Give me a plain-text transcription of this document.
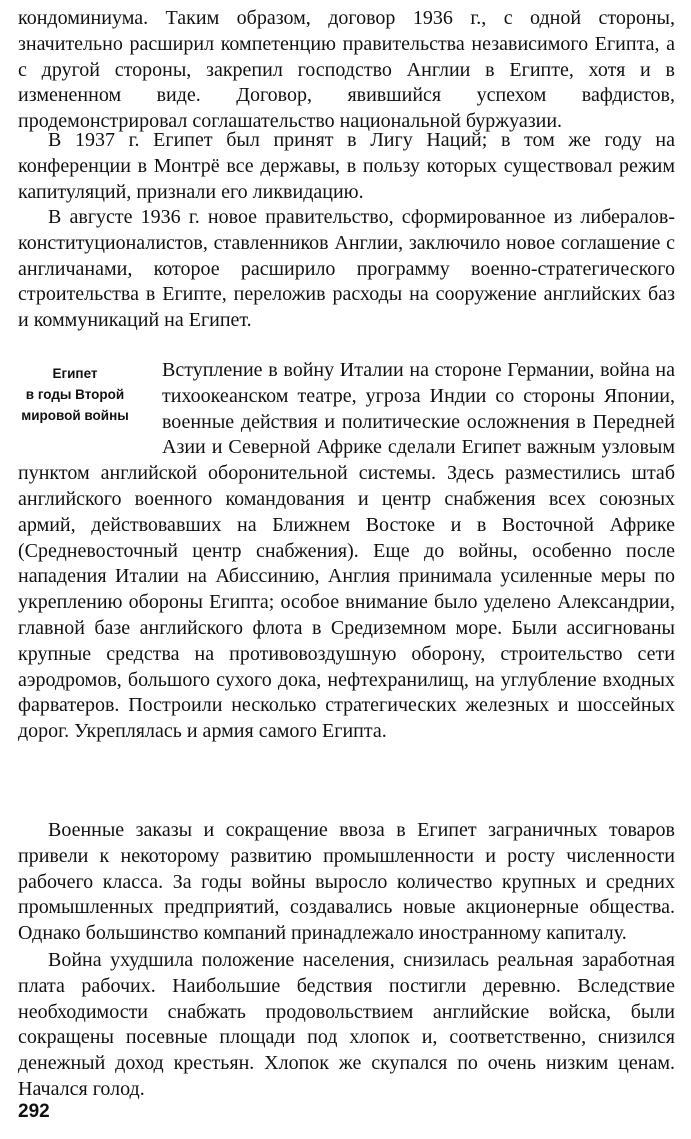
кондоминиума. Таким образом, договор 1936 г., с одной стороны, значительно расширил компетенцию правительства независимого Египта, а с другой стороны, закрепил господство Англии в Египте, хотя и в измененном виде. Договор, явившийся успехом вафдистов, продемонстрировал соглашательство национальной буржуазии.
В 1937 г. Египет был принят в Лигу Наций; в том же году на конференции в Монтрё все державы, в пользу которых существовал режим капитуляций, признали его ликвидацию.
В августе 1936 г. новое правительство, сформированное из либералов-конституционалистов, ставленников Англии, заключило новое соглашение с англичанами, которое расширило программу военно-стратегического строительства в Египте, переложив расходы на сооружение английских баз и коммуникаций на Египет.
Египет
в годы Второй
мировой войны
Вступление в войну Италии на стороне Германии, война на тихоокеанском театре, угроза Индии со стороны Японии, военные действия и политические осложнения в Передней Азии и Северной Африке сделали Египет важным узловым пунктом английской оборонительной системы. Здесь разместились штаб английского военного командования и центр снабжения всех союзных армий, действовавших на Ближнем Востоке и в Восточной Африке (Средневосточный центр снабжения). Еще до войны, особенно после нападения Италии на Абиссинию, Англия принимала усиленные меры по укреплению обороны Египта; особое внимание было уделено Александрии, главной базе английского флота в Средиземном море. Были ассигнованы крупные средства на противовоздушную оборону, строительство сети аэродромов, большого сухого дока, нефтехранилищ, на углубление входных фарватеров. Построили несколько стратегических железных и шоссейных дорог. Укреплялась и армия самого Египта.
Военные заказы и сокращение ввоза в Египет заграничных товаров привели к некоторому развитию промышленности и росту численности рабочего класса. За годы войны выросло количество крупных и средних промышленных предприятий, создавались новые акционерные общества. Однако большинство компаний принадлежало иностранному капиталу.
Война ухудшила положение населения, снизилась реальная заработная плата рабочих. Наибольшие бедствия постигли деревню. Вследствие необходимости снабжать продовольствием английские войска, были сокращены посевные площади под хлопок и, соответственно, снизился денежный доход крестьян. Хлопок же скупался по очень низким ценам. Начался голод.
292
